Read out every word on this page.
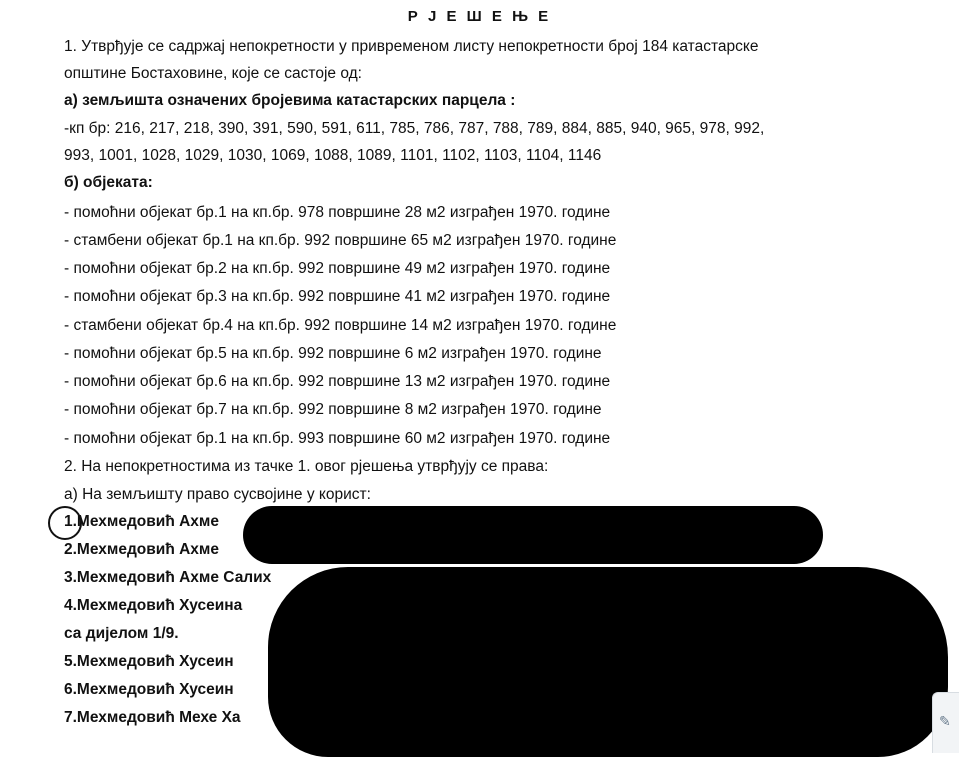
Р Ј Е Ш Е Њ Е
1. Утврђује се садржај непокретности у привременом листу непокретности број 184 катастарске
општине Бостаховине, које се састоје од:
а) земљишта означених бројевима катастарских парцела :
-кп бр: 216, 217, 218, 390, 391, 590, 591, 611, 785, 786, 787, 788, 789, 884, 885, 940, 965, 978, 992,
993, 1001, 1028, 1029, 1030, 1069, 1088, 1089, 1101, 1102, 1103, 1104, 1146
б) објеката:
- помоћни објекат бр.1 на кп.бр. 978 површине 28 м2 изграђен 1970. године
- стамбени објекат бр.1 на кп.бр. 992 површине 65 м2 изграђен 1970. године
- помоћни објекат бр.2 на кп.бр. 992 површине 49 м2 изграђен 1970. године
- помоћни објекат бр.3 на кп.бр. 992 површине 41 м2 изграђен 1970. године
- стамбени објекат бр.4 на кп.бр. 992 површине 14 м2 изграђен 1970. године
- помоћни објекат бр.5 на кп.бр. 992 површине 6 м2 изграђен 1970. године
- помоћни објекат бр.6 на кп.бр. 992 површине 13 м2 изграђен 1970. године
- помоћни објекат бр.7 на кп.бр. 992 површине 8 м2 изграђен 1970. године
- помоћни објекат бр.1 на кп.бр. 993 површине 60 м2 изграђен 1970. године
2. На непокретностима из тачке 1. овог рјешења утврђују се права:
а) На земљишту право сусвојине у корист:
1.Мехмедовић Ахме
2.Мехмедовић Ахме
3.Мехмедовић Ахме Салих
4.Мехмедовић Хусеина
са дијелом 1/9.
5.Мехмедовић Хусеин
6.Мехмедовић Хусеин
7.Мехмедовић Мехе Ха	✎
